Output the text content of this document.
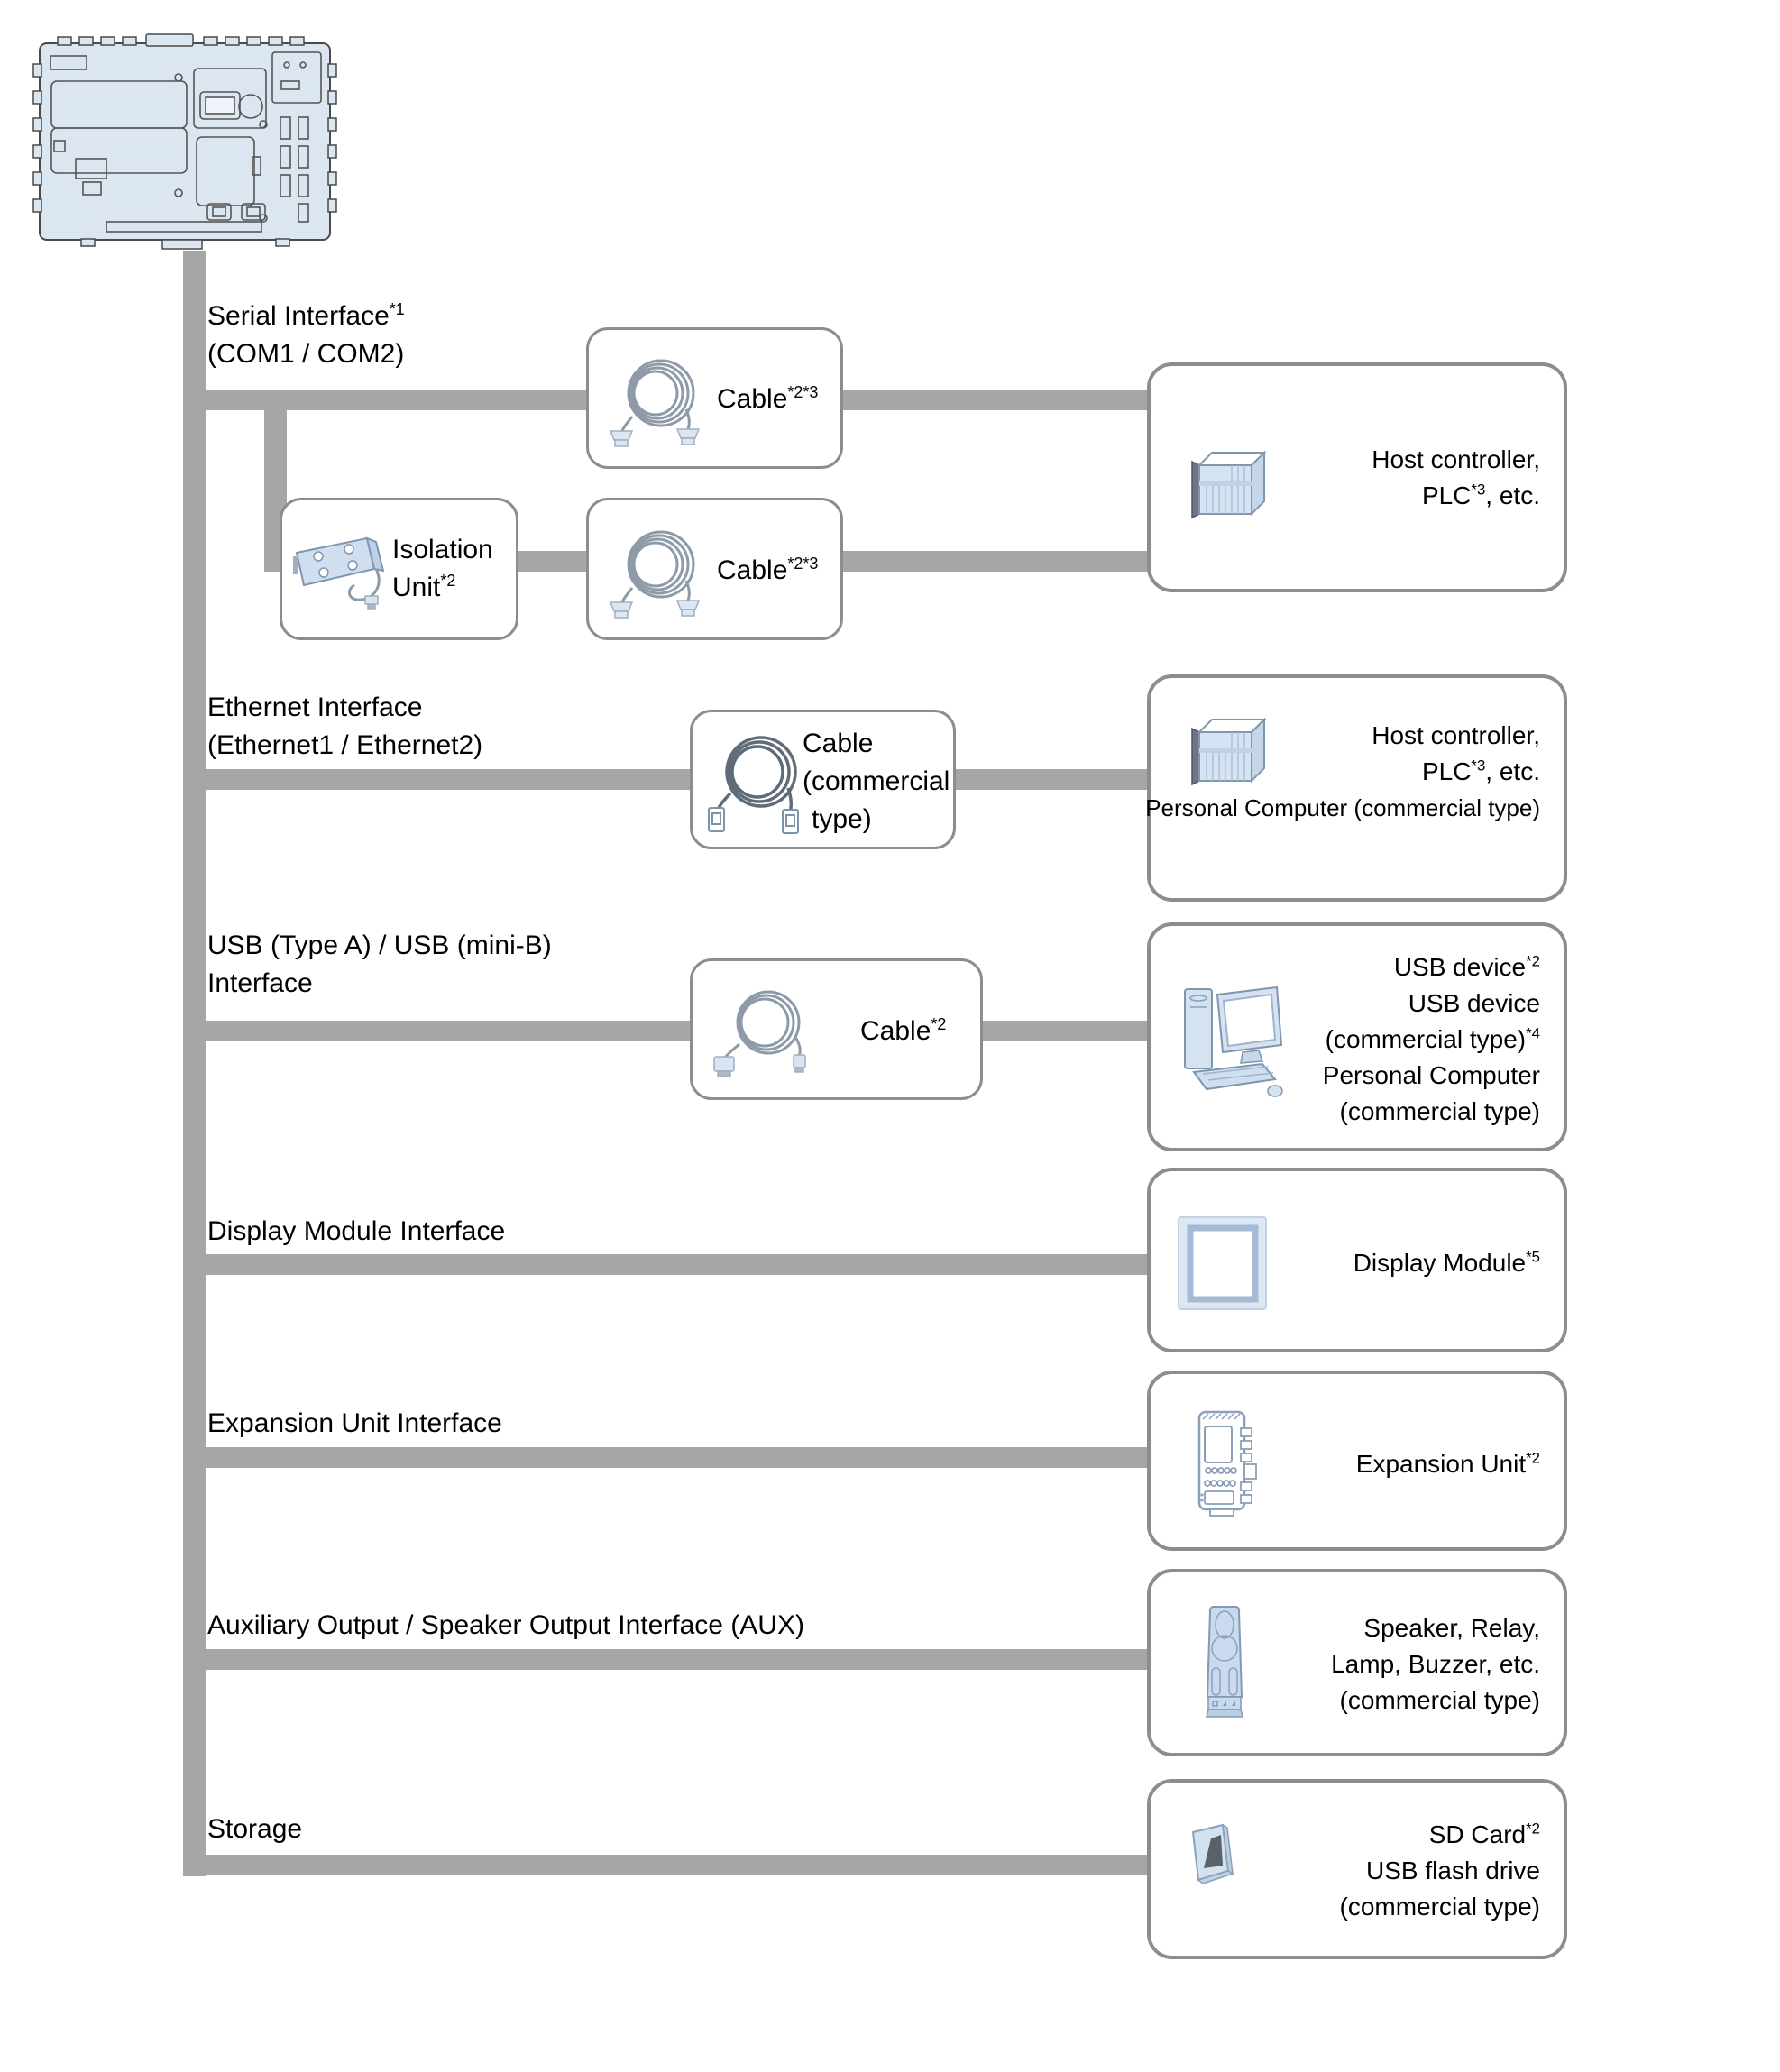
Serial Interface$^{*1}$
(COM1 / COM2)
Ethernet Interface
(Ethernet1 / Ethernet2)
USB (Type A) / USB (mini-B)
Interface
Display Module Interface
Expansion Unit Interface
Auxiliary Output / Speaker Output Interface (AUX)
Storage
Cable$^{*2*3}$
Isolation
Unit$^{*2}$	Cable$^{*2*3}$
Cable
(commercial
type)
Cable$^{*2}$
Host controller,
PLC$^{*3}$, etc.
Host controller,
PLC$^{*3}$, etc.
Personal Computer (commercial type)
USB device$^{*2}$
USB device
(commercial type)$^{*4}$
Personal Computer
(commercial type)
Display Module$^{*5}$
Expansion Unit$^{*2}$
Speaker, Relay,
Lamp, Buzzer, etc.
(commercial type)
SD Card$^{*2}$
USB flash drive
(commercial type)
